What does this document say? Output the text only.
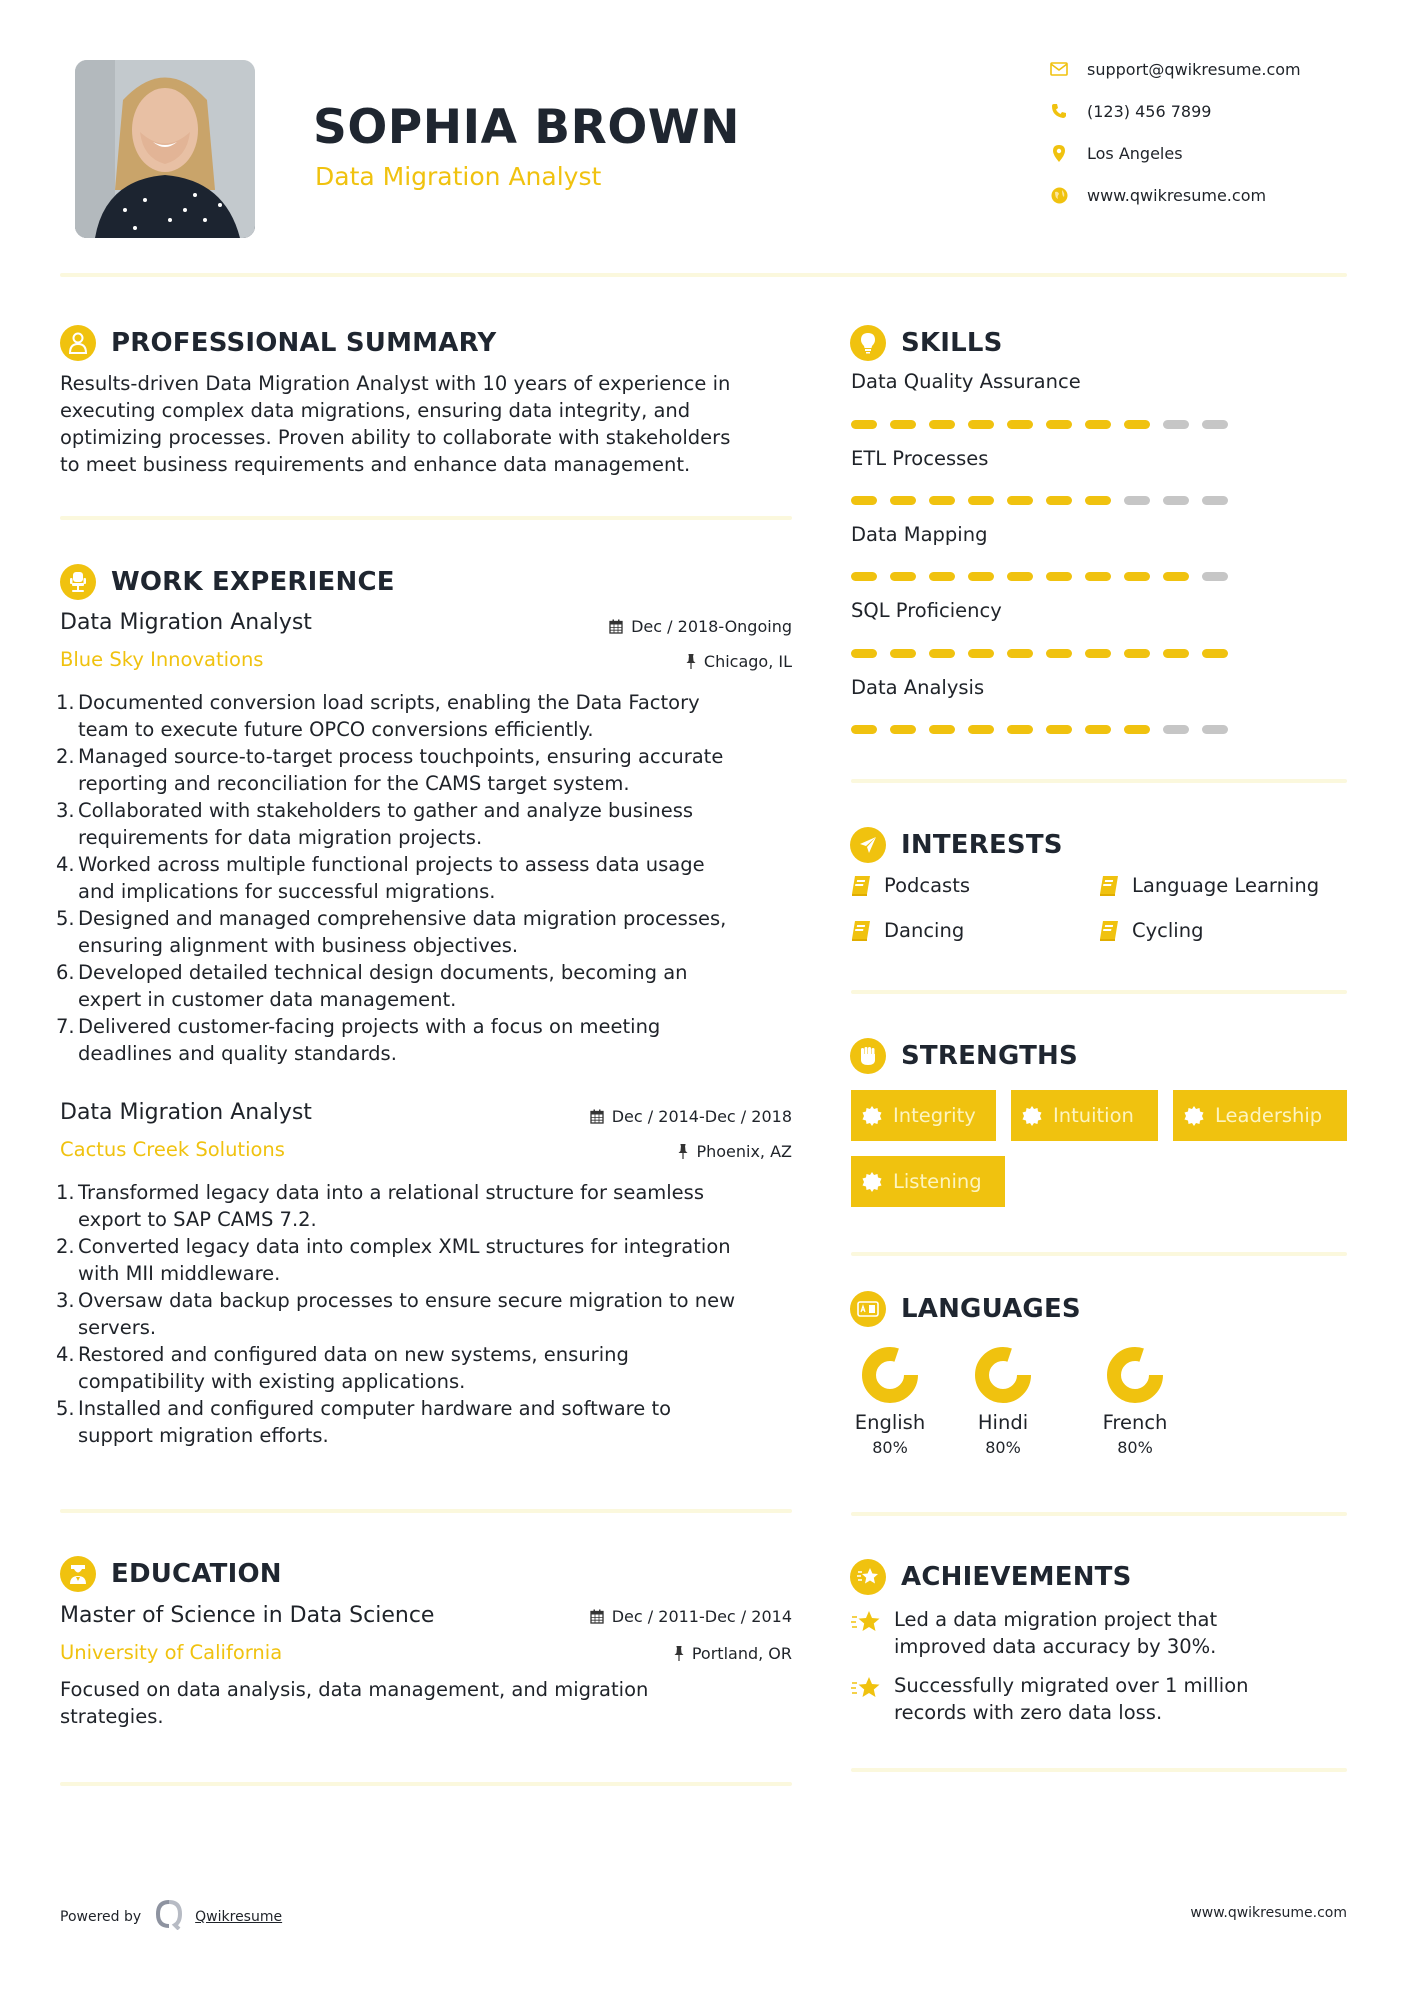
SOPHIA BROWN
Data Migration Analyst
support@qwikresume.com
(123) 456 7899
Los Angeles
www.qwikresume.com
PROFESSIONAL SUMMARY
Results-driven Data Migration Analyst with 10 years of experience in
executing complex data migrations, ensuring data integrity, and
optimizing processes. Proven ability to collaborate with stakeholders
to meet business requirements and enhance data management.
WORK EXPERIENCE
Data Migration Analyst	Dec / 2018-Ongoing
Blue Sky Innovations	Chicago, IL
1. Documented conversion load scripts, enabling the Data Factory
team to execute future OPCO conversions efficiently.
2. Managed source-to-target process touchpoints, ensuring accurate
reporting and reconciliation for the CAMS target system.
3. Collaborated with stakeholders to gather and analyze business
requirements for data migration projects.
4. Worked across multiple functional projects to assess data usage
and implications for successful migrations.
5. Designed and managed comprehensive data migration processes,
ensuring alignment with business objectives.
6. Developed detailed technical design documents, becoming an
expert in customer data management.
7. Delivered customer-facing projects with a focus on meeting
deadlines and quality standards.
Data Migration Analyst	Dec / 2014-Dec / 2018
Cactus Creek Solutions	Phoenix, AZ
1. Transformed legacy data into a relational structure for seamless
export to SAP CAMS 7.2.
2. Converted legacy data into complex XML structures for integration
with MII middleware.
3. Oversaw data backup processes to ensure secure migration to new
servers.
4. Restored and configured data on new systems, ensuring
compatibility with existing applications.
5. Installed and configured computer hardware and software to
support migration efforts.
EDUCATION
Master of Science in Data Science	Dec / 2011-Dec / 2014
University of California	Portland, OR
Focused on data analysis, data management, and migration
strategies.
SKILLS
Data Quality Assurance
ETL Processes
Data Mapping
SQL Proficiency
Data Analysis
INTERESTS
Podcasts	Language Learning
Dancing	Cycling
STRENGTHS
Integrity	Intuition	Leadership
Listening
LANGUAGES
English
80%
Hindi
80%
French
80%
ACHIEVEMENTS
Led a data migration project that
improved data accuracy by 30%.
Successfully migrated over 1 million
records with zero data loss.
Powered by	Qwikresume	www.qwikresume.com
